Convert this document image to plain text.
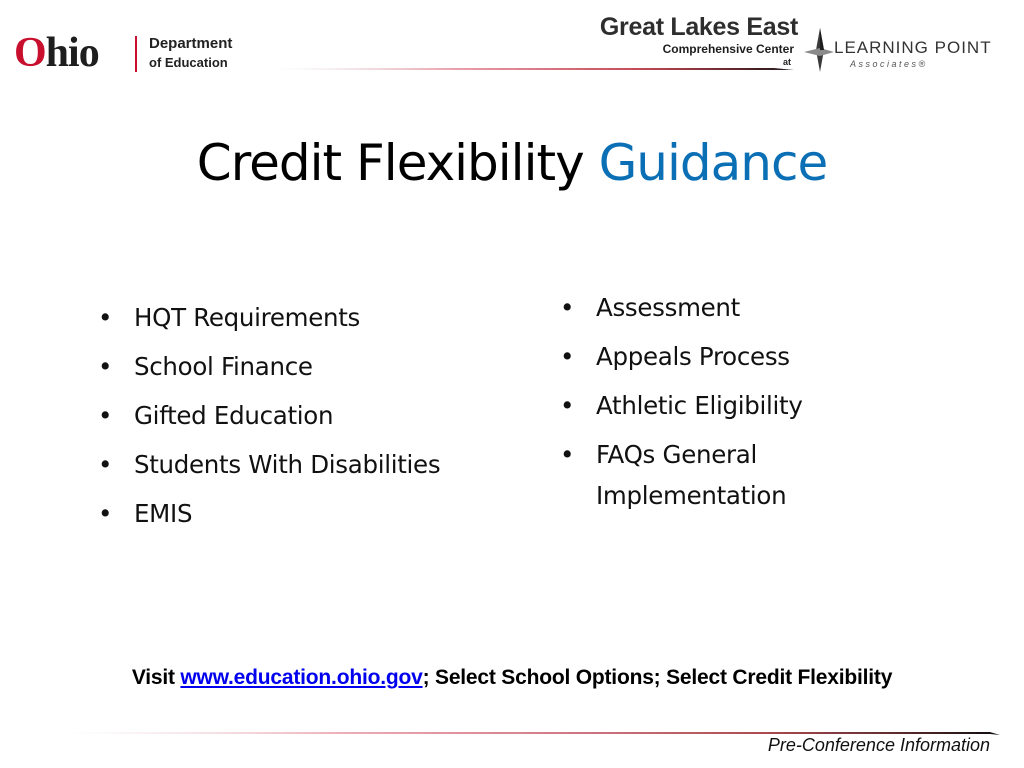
Ohio	Department
of Education
Great Lakes East
Comprehensive Center
at
LEARNING POINT
Associates®
Credit Flexibility Guidance
• HQT Requirements
• School Finance
• Gifted Education
• Students With Disabilities
• EMIS
• Assessment
• Appeals Process
• Athletic Eligibility
• FAQs General Implementation
Visit www.education.ohio.gov; Select School Options; Select Credit Flexibility
Pre-Conference Information
